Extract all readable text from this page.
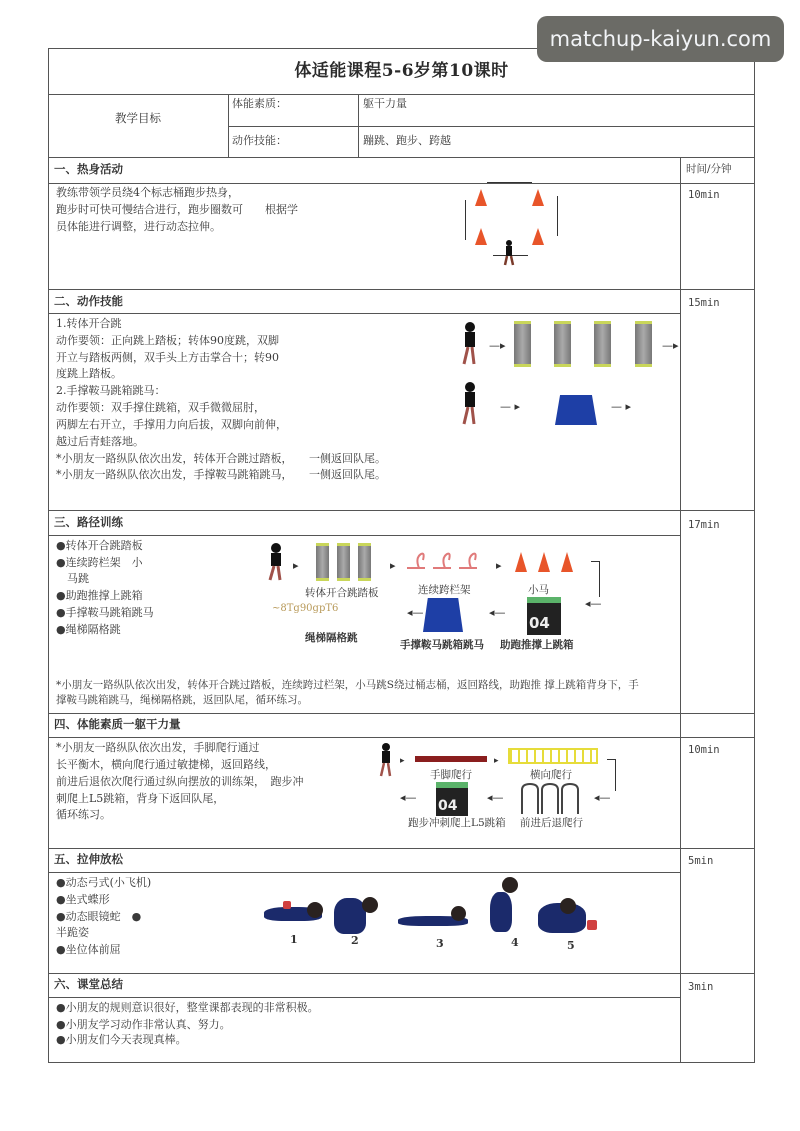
体适能课程5-6岁第10课时
教学目标
体能素质：	躯干力量
动作技能：	蹦跳、跑步、跨越
一、热身活动	时间/分钟
10min
教练带领学员绕4个标志桶跑步热身，
跑步时可快可慢结合进行，跑步圈数可　　根据学
员体能进行调整，进行动态拉伸。
二、动作技能	15min
1.转体开合跳
动作要领：正向跳上踏板；转体90度跳，双脚
开立与踏板两侧，双手头上方击掌合十；转90
度跳上踏板。
2.手撑鞍马跳箱跳马：
动作要领：双手撑住跳箱，双手微微屈肘，
两脚左右开立，手撑用力向后拔，双脚向前伸，
越过后青蛙落地。
*小朋友一路纵队依次出发，转体开合跳过踏板，　　一侧返回队尾。
*小朋友一路纵队依次出发，手撑鞍马跳箱跳马，　　一侧返回队尾。
—▸	—▸
— ▸	— ▸
三、路径训练	17min
●转体开合跳踏板
●连续跨栏架　小
　马跳
●助跑推撑上跳箱
●手撑鞍马跳箱跳马
●绳梯隔格跳
▸	▸	▸
◂—
转体开合跳踏板	连续跨栏架	小马
~8Tg90gpT6	◂—	◂—
04
绳梯隔格跳
手撑鞍马跳箱跳马 助跑推撑上跳箱
*小朋友一路纵队依次出发，转体开合跳过踏板，连续跨过栏架，小马跳S绕过桶志桶，返回路线，助跑推 撑上跳箱背身下，手
撑鞍马跳箱跳马，绳梯隔格跳，返回队尾，循环练习。
四、体能素质一躯干力量
10min
*小朋友一路纵队依次出发，手脚爬行通过
长平衡木，横向爬行通过敏捷梯，返回路线，
前进后退依次爬行通过纵向摆放的训练架，　跑步冲
刺爬上L5跳箱，背身下返回队尾，
循环练习。
▸	▸
手脚爬行	横向爬行
◂—
04
◂—	◂—
跑步冲刺爬上L5跳箱 前进后退爬行
五、拉伸放松	5min
●动态弓式(小飞机)
●坐式蝶形
●动态眼镜蛇　●
半跪姿
●坐位体前屈
1	2	3	4	5
六、课堂总结	3min
●小朋友的规则意识很好，整堂课都表现的非常积极。
●小朋友学习动作非常认真、努力。
●小朋友们今天表现真棒。
matchup-kaiyun.com
